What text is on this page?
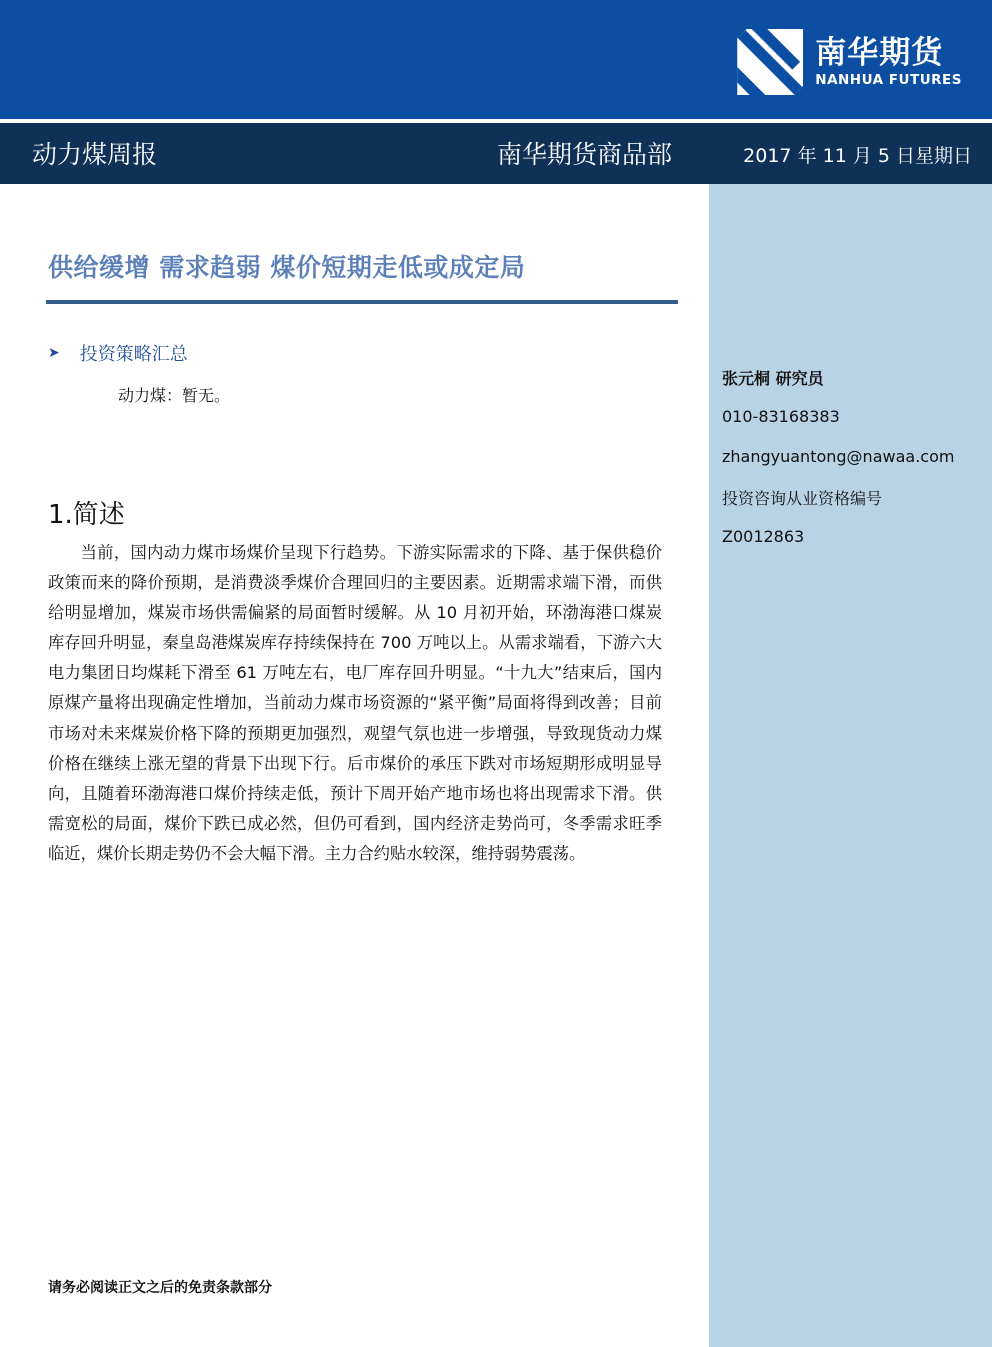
南华期货
NANHUA FUTURES
动力煤周报	南华期货商品部	2017 年 11 月 5 日星期日
张元桐 研究员
010-83168383
zhangyuantong@nawaa.com
投资咨询从业资格编号
Z0012863
供给缓增 需求趋弱 煤价短期走低或成定局
➤ 投资策略汇总
动力煤：暂无。
1.简述
当前，国内动力煤市场煤价呈现下行趋势。下游实际需求的下降、基于保供稳价政策而来的降价预期，是消费淡季煤价合理回归的主要因素。近期需求端下滑，而供给明显增加，煤炭市场供需偏紧的局面暂时缓解。从 10 月初开始，环渤海港口煤炭库存回升明显，秦皇岛港煤炭库存持续保持在 700 万吨以上。从需求端看，下游六大电力集团日均煤耗下滑至 61 万吨左右，电厂库存回升明显。“十九大”结束后，国内原煤产量将出现确定性增加，当前动力煤市场资源的“紧平衡”局面将得到改善；目前市场对未来煤炭价格下降的预期更加强烈，观望气氛也进一步增强，导致现货动力煤价格在继续上涨无望的背景下出现下行。后市煤价的承压下跌对市场短期形成明显导向，且随着环渤海港口煤价持续走低，预计下周开始产地市场也将出现需求下滑。供需宽松的局面，煤价下跌已成必然，但仍可看到，国内经济走势尚可，冬季需求旺季临近，煤价长期走势仍不会大幅下滑。主力合约贴水较深，维持弱势震荡。
请务必阅读正文之后的免责条款部分
